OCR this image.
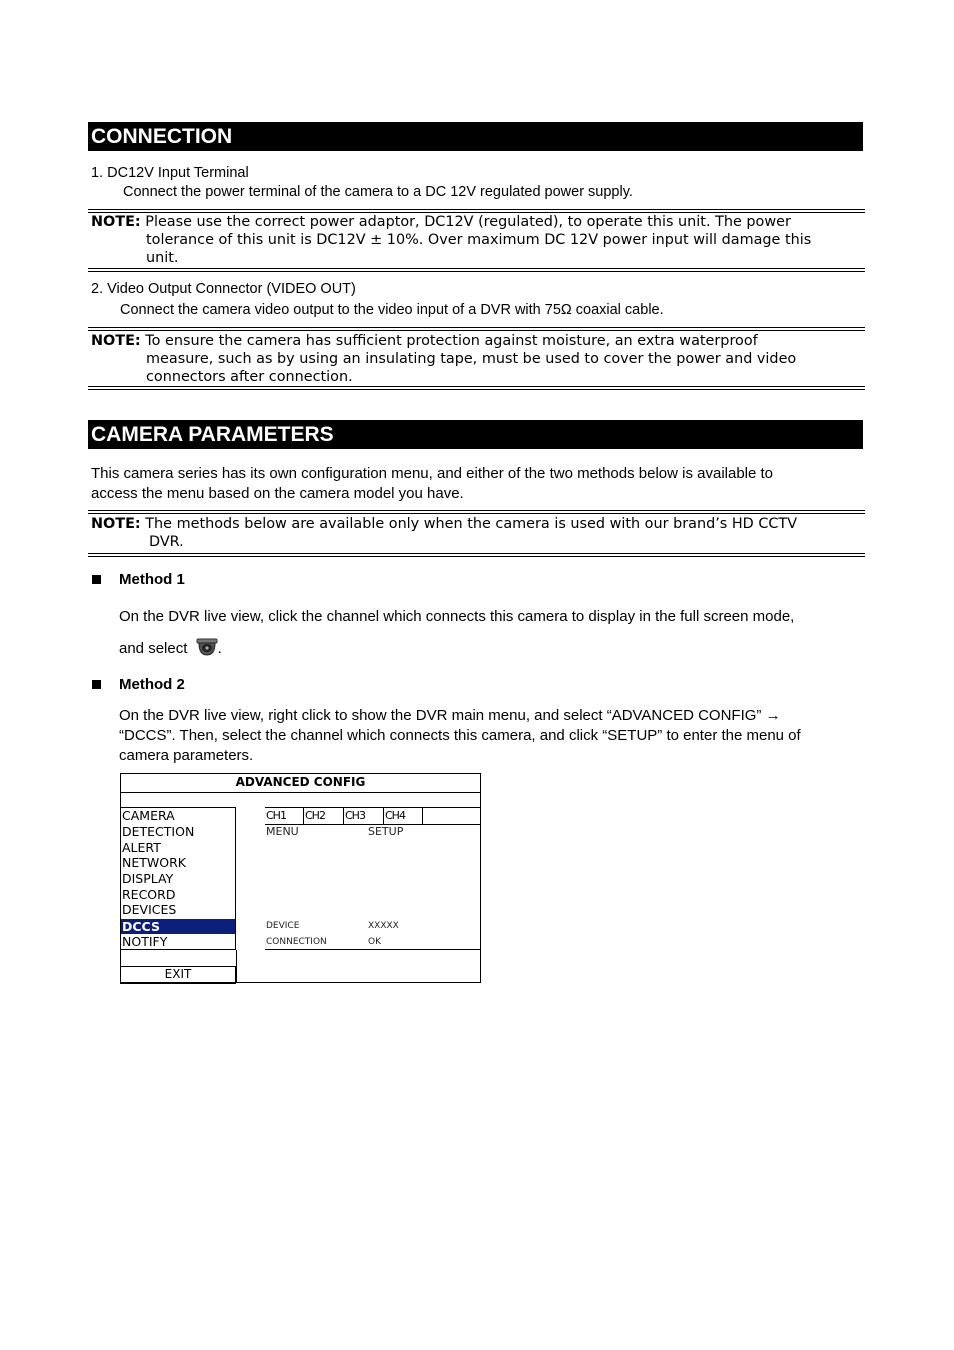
CONNECTION
1. DC12V Input Terminal
Connect the power terminal of the camera to a DC 12V regulated power supply.
NOTE: Please use the correct power adaptor, DC12V (regulated), to operate this unit. The power
tolerance of this unit is DC12V ± 10%. Over maximum DC 12V power input will damage this
unit.
2. Video Output Connector (VIDEO OUT)
Connect the camera video output to the video input of a DVR with 75Ω coaxial cable.
NOTE: To ensure the camera has sufficient protection against moisture, an extra waterproof
measure, such as by using an insulating tape, must be used to cover the power and video
connectors after connection.
CAMERA PARAMETERS
This camera series has its own configuration menu, and either of the two methods below is available to
access the menu based on the camera model you have.
NOTE: The methods below are available only when the camera is used with our brand’s HD CCTV
DVR.
Method 1
On the DVR live view, click the channel which connects this camera to display in the full screen mode,
and select .
Method 2
On the DVR live view, right click to show the DVR main menu, and select “ADVANCED CONFIG” →
“DCCS”. Then, select the channel which connects this camera, and click “SETUP” to enter the menu of
camera parameters.
ADVANCED CONFIG
CAMERA
DETECTION
ALERT
NETWORK
DISPLAY
RECORD
DEVICES
DCCS
NOTIFY
CH1	CH2	CH3	CH4
MENU	SETUP
DEVICE	XXXXX
CONNECTION	OK
EXIT
